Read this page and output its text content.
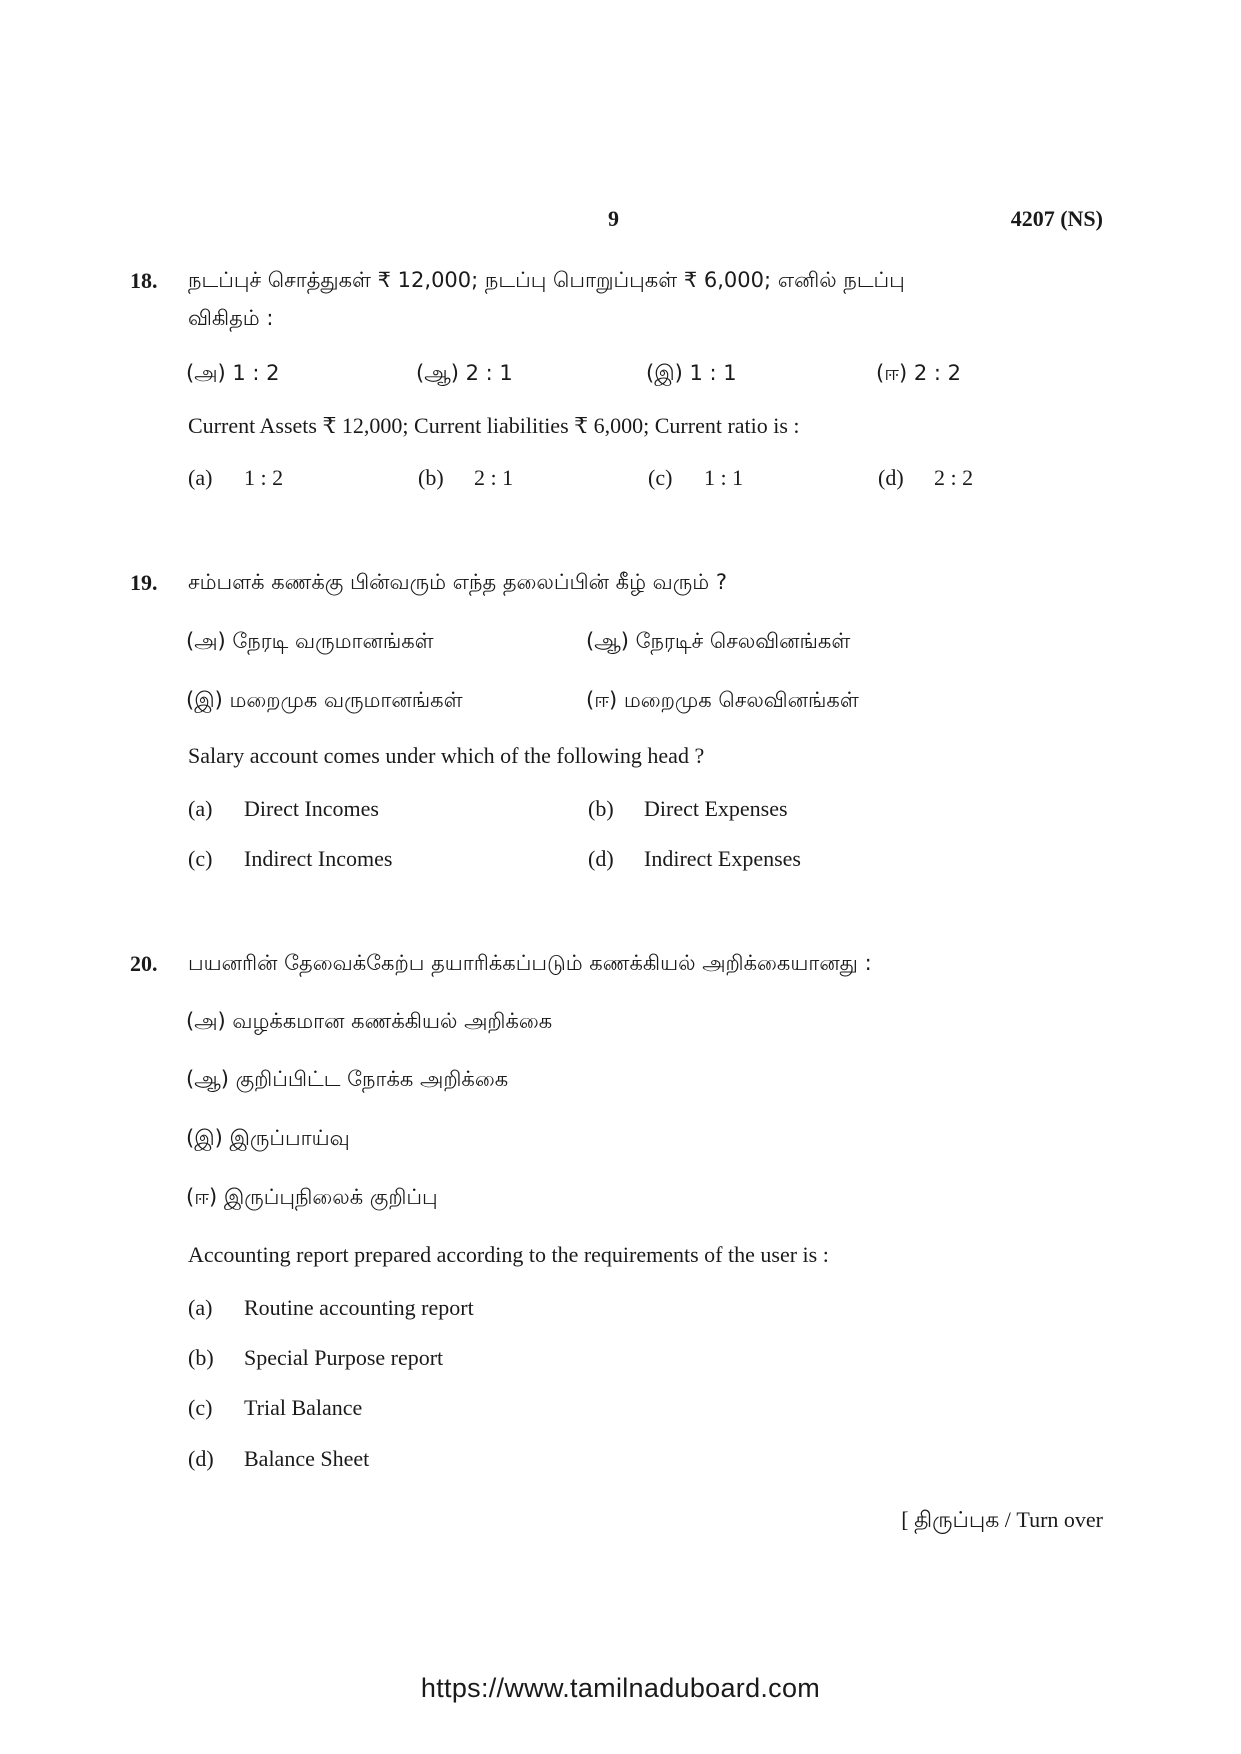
9	4207 (NS)
18. நடப்புச் சொத்துகள் ₹ 12,000; நடப்பு பொறுப்புகள் ₹ 6,000; எனில் நடப்பு
விகிதம் :
(அ) 1 : 2	(ஆ) 2 : 1	(இ) 1 : 1	(ஈ) 2 : 2
Current Assets ₹ 12,000; Current liabilities ₹ 6,000; Current ratio is :
(a) 1 : 2	(b) 2 : 1	(c) 1 : 1	(d) 2 : 2
19. சம்பளக் கணக்கு பின்வரும் எந்த தலைப்பின் கீழ் வரும் ?
(அ) நேரடி வருமானங்கள்	(ஆ) நேரடிச் செலவினங்கள்
(இ) மறைமுக வருமானங்கள்	(ஈ) மறைமுக செலவினங்கள்
Salary account comes under which of the following head ?
(a) Direct Incomes	(b) Direct Expenses
(c) Indirect Incomes	(d) Indirect Expenses
20. பயனரின் தேவைக்கேற்ப தயாரிக்கப்படும் கணக்கியல் அறிக்கையானது :
(அ) வழக்கமான கணக்கியல் அறிக்கை
(ஆ) குறிப்பிட்ட நோக்க அறிக்கை
(இ) இருப்பாய்வு
(ஈ) இருப்புநிலைக் குறிப்பு
Accounting report prepared according to the requirements of the user is :
(a) Routine accounting report
(b) Special Purpose report
(c) Trial Balance
(d) Balance Sheet
[ திருப்புக / Turn over
https://www.tamilnaduboard.com
